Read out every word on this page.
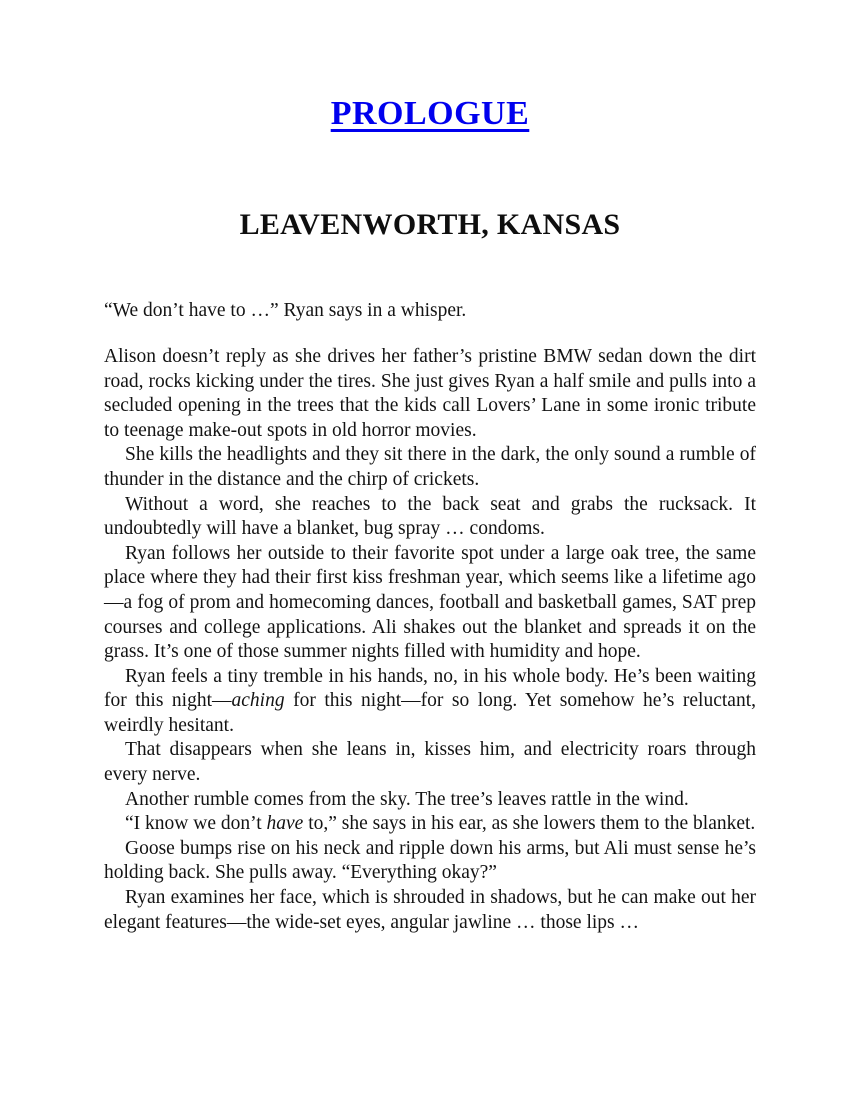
PROLOGUE
LEAVENWORTH, KANSAS

“We don’t have to …” Ryan says in a whisper.

Alison doesn’t reply as she drives her father’s pristine BMW sedan down the dirt road, rocks kicking under the tires. She just gives Ryan a half smile and pulls into a secluded opening in the trees that the kids call Lovers’ Lane in some ironic tribute to teenage make-out spots in old horror movies.

She kills the headlights and they sit there in the dark, the only sound a rumble of thunder in the distance and the chirp of crickets.

Without a word, she reaches to the back seat and grabs the rucksack. It undoubtedly will have a blanket, bug spray … condoms.

Ryan follows her outside to their favorite spot under a large oak tree, the same place where they had their first kiss freshman year, which seems like a lifetime ago—a fog of prom and homecoming dances, football and basketball games, SAT prep courses and college applications. Ali shakes out the blanket and spreads it on the grass. It’s one of those summer nights filled with humidity and hope.

Ryan feels a tiny tremble in his hands, no, in his whole body. He’s been waiting for this night—aching for this night—for so long. Yet somehow he’s reluctant, weirdly hesitant.

That disappears when she leans in, kisses him, and electricity roars through every nerve.

Another rumble comes from the sky. The tree’s leaves rattle in the wind.

“I know we don’t have to,” she says in his ear, as she lowers them to the blanket.

Goose bumps rise on his neck and ripple down his arms, but Ali must sense he’s holding back. She pulls away. “Everything okay?”

Ryan examines her face, which is shrouded in shadows, but he can make out her elegant features—the wide-set eyes, angular jawline … those lips …
